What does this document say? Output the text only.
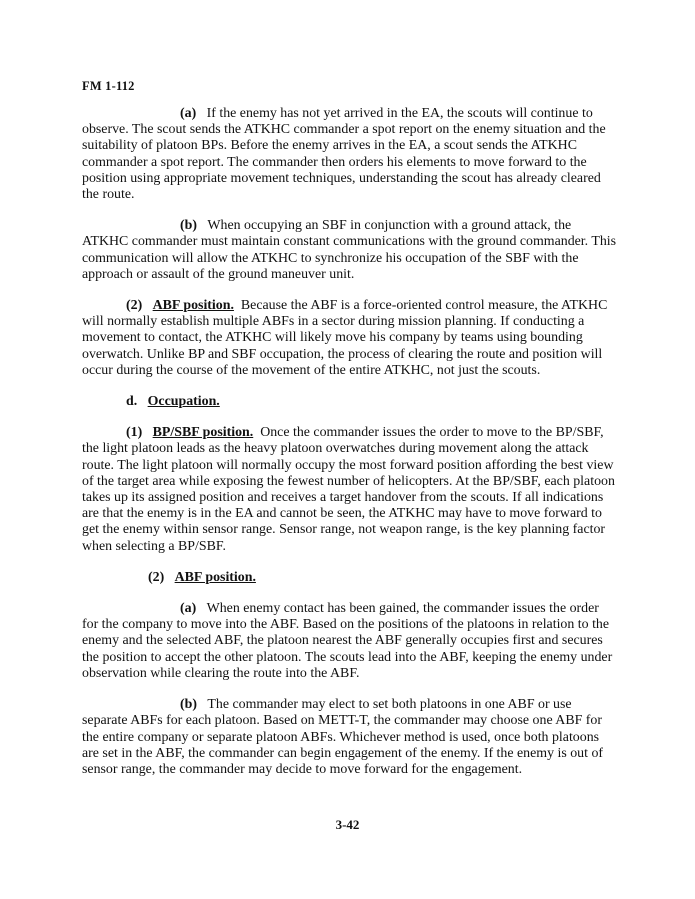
FM 1-112

(a) If the enemy has not yet arrived in the EA, the scouts will continue to observe. The scout sends the ATKHC commander a spot report on the enemy situation and the suitability of platoon BPs. Before the enemy arrives in the EA, a scout sends the ATKHC commander a spot report. The commander then orders his elements to move forward to the position using appropriate movement techniques, understanding the scout has already cleared the route.

(b) When occupying an SBF in conjunction with a ground attack, the ATKHC commander must maintain constant communications with the ground commander. This communication will allow the ATKHC to synchronize his occupation of the SBF with the approach or assault of the ground maneuver unit.

(2) ABF position. Because the ABF is a force-oriented control measure, the ATKHC will normally establish multiple ABFs in a sector during mission planning. If conducting a movement to contact, the ATKHC will likely move his company by teams using bounding overwatch. Unlike BP and SBF occupation, the process of clearing the route and position will occur during the course of the movement of the entire ATKHC, not just the scouts.

d. Occupation.

(1) BP/SBF position. Once the commander issues the order to move to the BP/SBF, the light platoon leads as the heavy platoon overwatches during movement along the attack route. The light platoon will normally occupy the most forward position affording the best view of the target area while exposing the fewest number of helicopters. At the BP/SBF, each platoon takes up its assigned position and receives a target handover from the scouts. If all indications are that the enemy is in the EA and cannot be seen, the ATKHC may have to move forward to get the enemy within sensor range. Sensor range, not weapon range, is the key planning factor when selecting a BP/SBF.

(2) ABF position.

(a) When enemy contact has been gained, the commander issues the order for the company to move into the ABF. Based on the positions of the platoons in relation to the enemy and the selected ABF, the platoon nearest the ABF generally occupies first and secures the position to accept the other platoon. The scouts lead into the ABF, keeping the enemy under observation while clearing the route into the ABF.

(b) The commander may elect to set both platoons in one ABF or use separate ABFs for each platoon. Based on METT-T, the commander may choose one ABF for the entire company or separate platoon ABFs. Whichever method is used, once both platoons are set in the ABF, the commander can begin engagement of the enemy. If the enemy is out of sensor range, the commander may decide to move forward for the engagement.

3-42
